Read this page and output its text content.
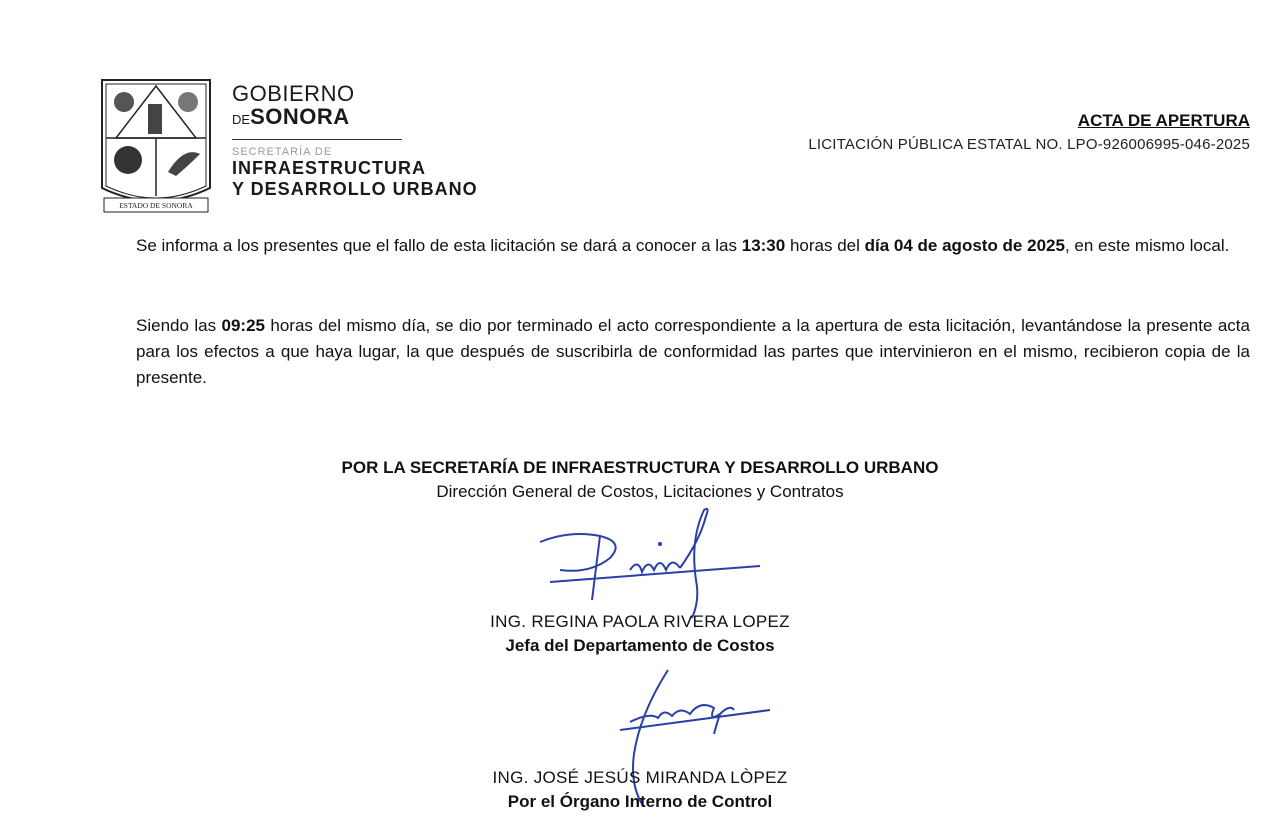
ESTADO DE SONORA
GOBIERNO
DESONORA
SECRETARÍA DE
INFRAESTRUCTURA
Y DESARROLLO URBANO
ACTA DE APERTURA
LICITACIÓN PÚBLICA ESTATAL NO. LPO-926006995-046-2025
Se informa a los presentes que el fallo de esta licitación se dará a conocer a las 13:30 horas del día 04 de agosto de 2025, en este mismo local.
Siendo las 09:25 horas del mismo día, se dio por terminado el acto correspondiente a la apertura de esta licitación, levantándose la presente acta para los efectos a que haya lugar, la que después de suscribirla de conformidad las partes que intervinieron en el mismo, recibieron copia de la presente.
POR LA SECRETARÍA DE INFRAESTRUCTURA Y DESARROLLO URBANO
Dirección General de Costos, Licitaciones y Contratos
ING. REGINA PAOLA RIVERA LOPEZ
Jefa del Departamento de Costos
ING. JOSÉ JESÚS MIRANDA LÒPEZ
Por el Órgano Interno de Control
